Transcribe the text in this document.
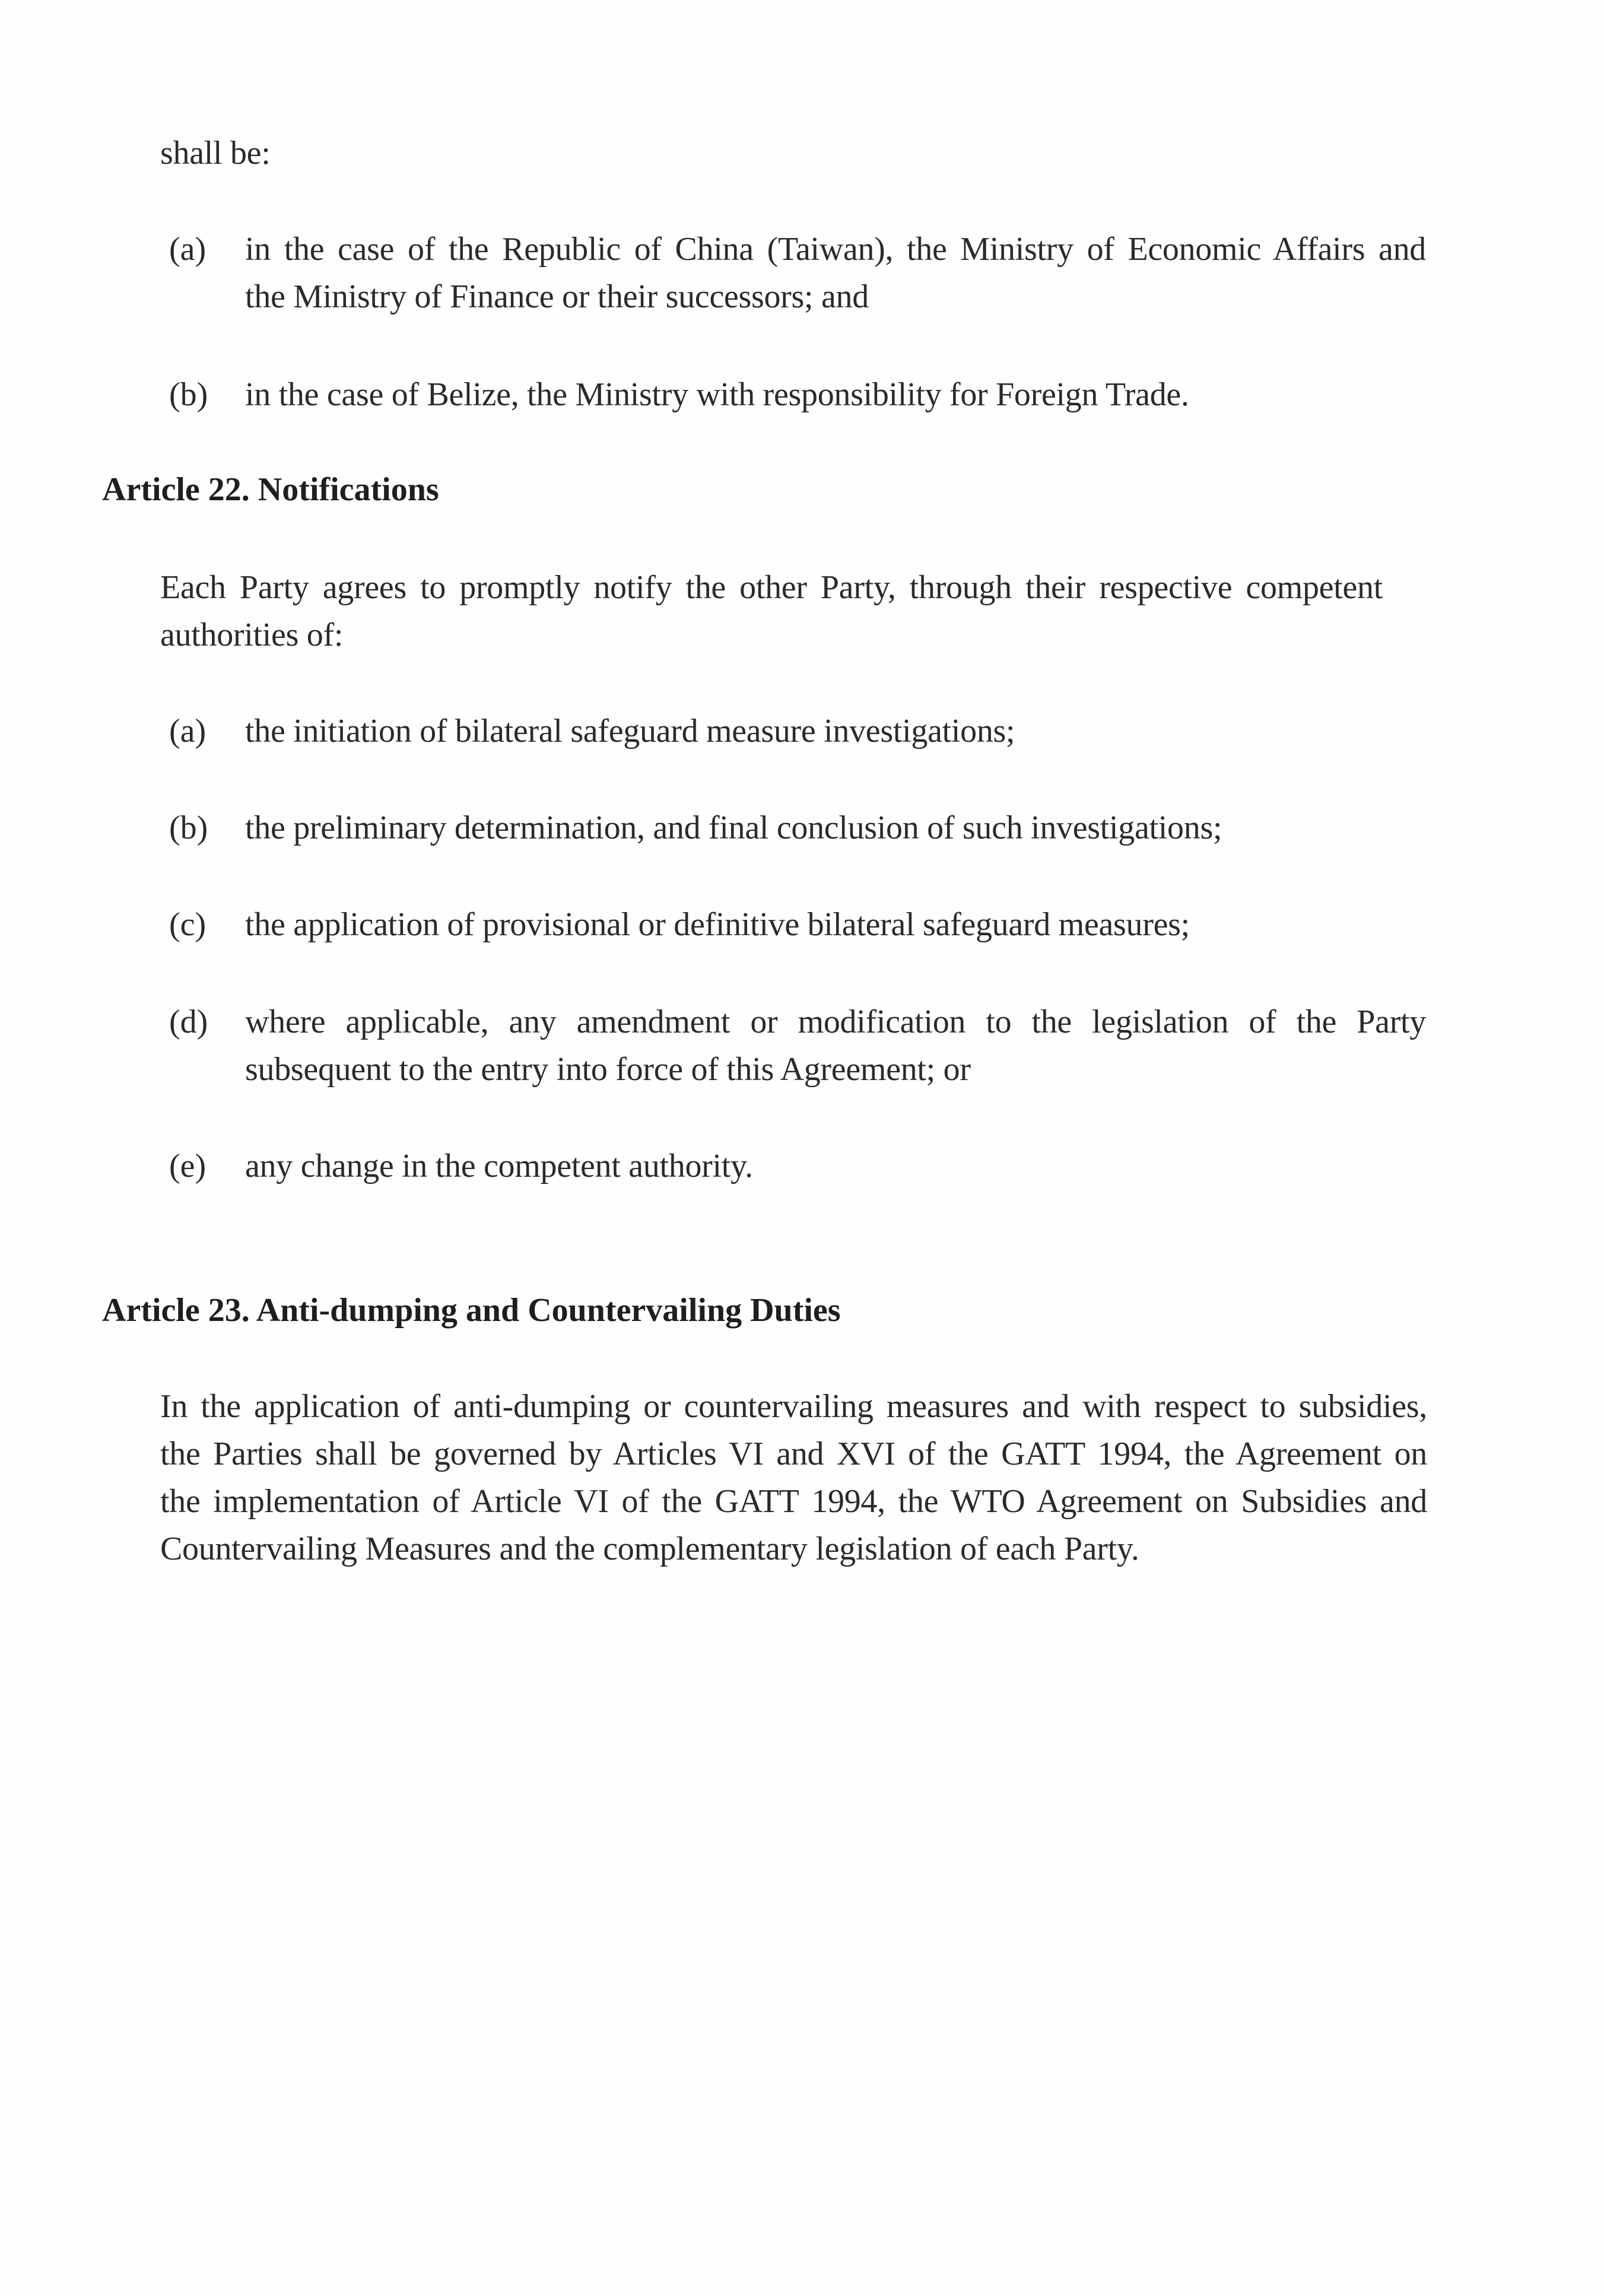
shall be:
(a) in the case of the Republic of China (Taiwan), the Ministry of Economic Affairs and
the Ministry of Finance or their successors; and
(b) in the case of Belize, the Ministry with responsibility for Foreign Trade.
Article 22. Notifications
Each Party agrees to promptly notify the other Party, through their respective competent
authorities of:
(a) the initiation of bilateral safeguard measure investigations;
(b) the preliminary determination, and final conclusion of such investigations;
(c) the application of provisional or definitive bilateral safeguard measures;
(d) where applicable, any amendment or modification to the legislation of the Party
subsequent to the entry into force of this Agreement; or
(e) any change in the competent authority.
Article 23. Anti-dumping and Countervailing Duties
In the application of anti-dumping or countervailing measures and with respect to subsidies,
the Parties shall be governed by Articles VI and XVI of the GATT 1994, the Agreement on
the implementation of Article VI of the GATT 1994, the WTO Agreement on Subsidies and
Countervailing Measures and the complementary legislation of each Party.
